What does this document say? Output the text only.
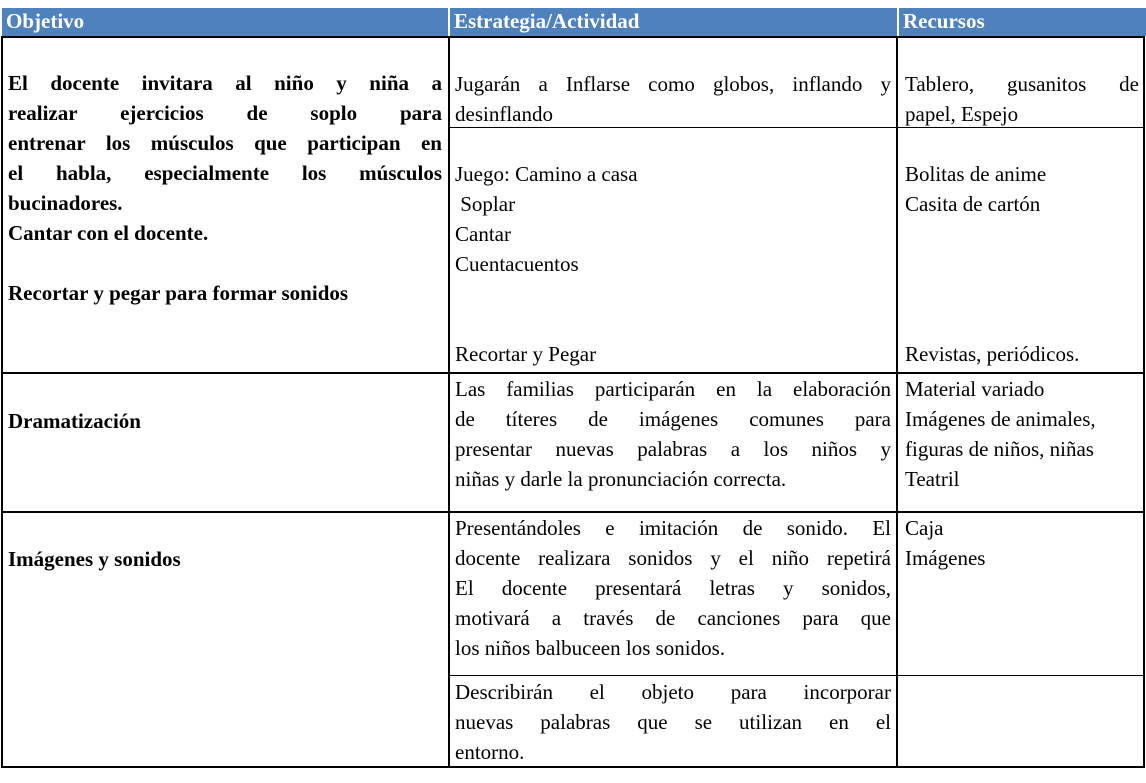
Objetivo	Estrategia/Actividad	Recursos
El docente invitara al niño y niña a
realizar ejercicios de soplo para
entrenar los músculos que participan en
el habla, especialmente los músculos
bucinadores.
Cantar con el docente.
Recortar y pegar para formar sonidos
Jugarán a Inflarse como globos, inflando y
desinflando
Tablero, gusanitos de
papel, Espejo
Juego: Camino a casa
Soplar
Cantar
Cuentacuentos
Recortar y Pegar
Bolitas de anime
Casita de cartón
Revistas, periódicos.
Dramatización
Las familias participarán en la elaboración
de títeres de imágenes comunes para
presentar nuevas palabras a los niños y
niñas y darle la pronunciación correcta.
Material variado
Imágenes de animales,
figuras de niños, niñas
Teatril
Imágenes y sonidos
Presentándoles e imitación de sonido. El
docente realizara sonidos y el niño repetirá
El docente presentará letras y sonidos,
motivará a través de canciones para que
los niños balbuceen los sonidos.
Caja
Imágenes
Describirán el objeto para incorporar
nuevas palabras que se utilizan en el
entorno.
